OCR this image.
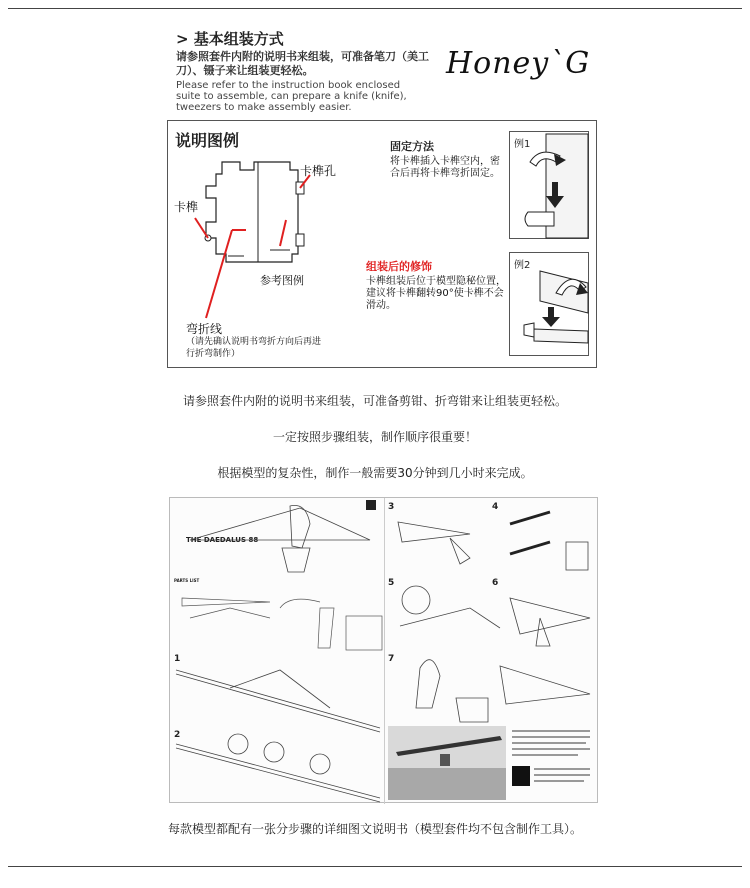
> 基本组装方式
请参照套件内附的说明书来组装，可准备笔刀（美工刀）、镊子来让组装更轻松。
Please refer to the instruction book enclosed suite to assemble, can prepare a knife (knife), tweezers to make assembly easier.
Honey`G
说明图例
卡榫
卡榫孔
参考图例
弯折线
（请先确认说明书弯折方向后再进行折弯制作）
固定方法
将卡榫插入卡榫空内，密合后再将卡榫弯折固定。
例1
组装后的修饰
卡榫组装后位于模型隐秘位置，建议将卡榫翻转90°使卡榫不会滑动。
例2
请参照套件内附的说明书来组装，可准备剪钳、折弯钳来让组装更轻松。
一定按照步骤组装，制作顺序很重要！
根据模型的复杂性，制作一般需要30分钟到几小时来完成。
THE DAEDALUS 88
PARTS LIST
1
2
3	4
5	6
7
每款模型都配有一张分步骤的详细图文说明书（模型套件均不包含制作工具）。
